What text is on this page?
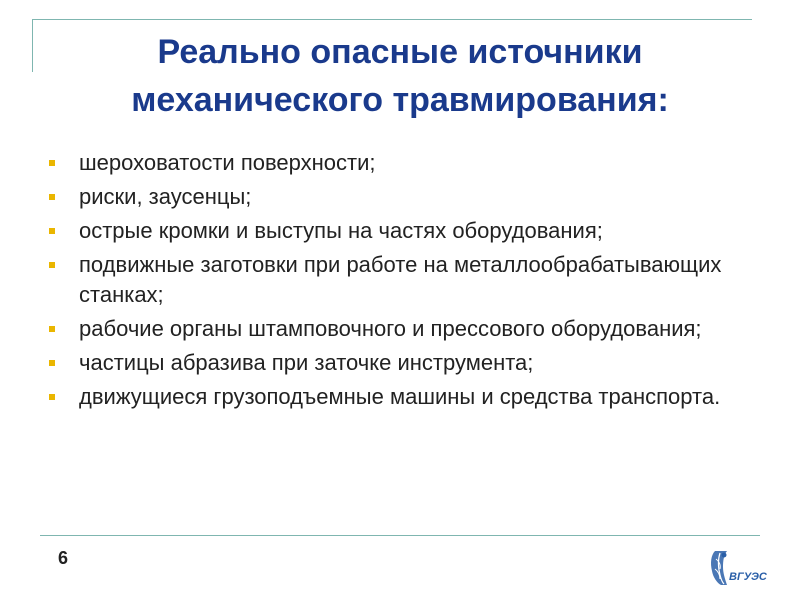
Реально опасные источники
механического травмирования:
шероховатости поверхности;
риски, заусенцы;
острые кромки и выступы на частях оборудования;
подвижные заготовки при работе на металлообрабатывающих станках;
рабочие органы штамповочного и прессового оборудования;
частицы абразива при заточке инструмента;
движущиеся грузоподъемные машины и средства транспорта.
6
ВГУЭС
